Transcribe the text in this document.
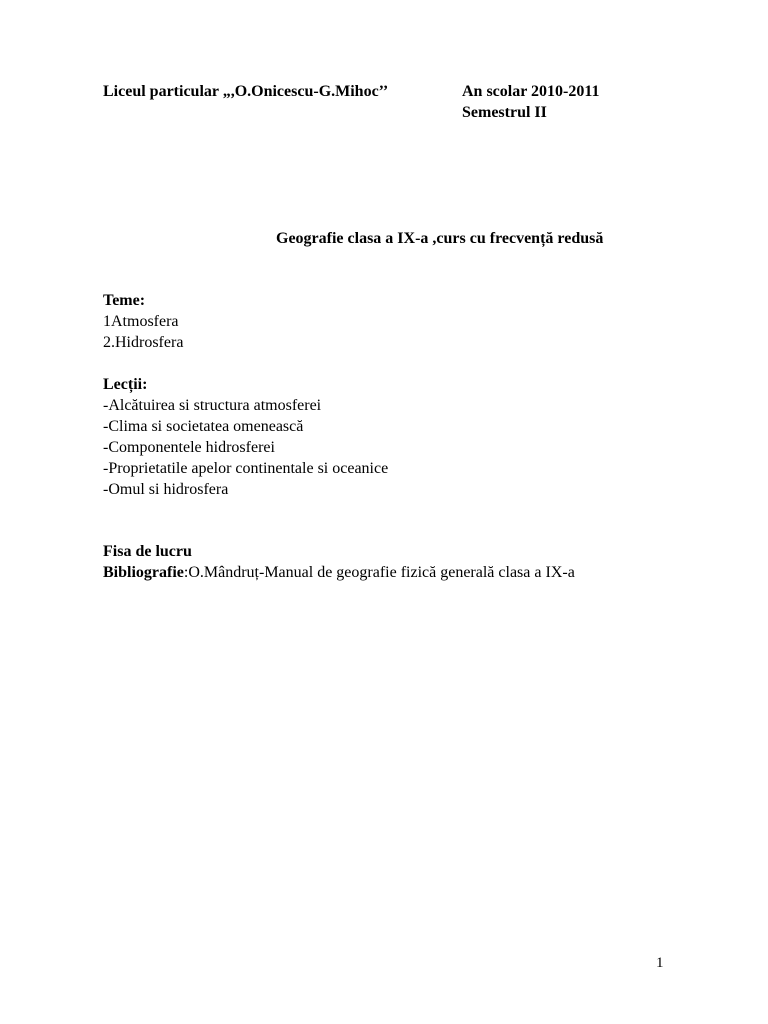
Liceul particular „,O.Onicescu-G.Mihoc’’	An scolar 2010-2011
Semestrul II
Geografie clasa a IX-a ,curs cu frecvență redusă
Teme:
1Atmosfera
2.Hidrosfera
Lecții:
-Alcătuirea si structura atmosferei
-Clima si societatea omenească
-Componentele hidrosferei
-Proprietatile apelor continentale si oceanice
-Omul si hidrosfera
Fisa de lucru
Bibliografie:O.Mândruț-Manual de geografie fizică generală clasa a IX-a
1
